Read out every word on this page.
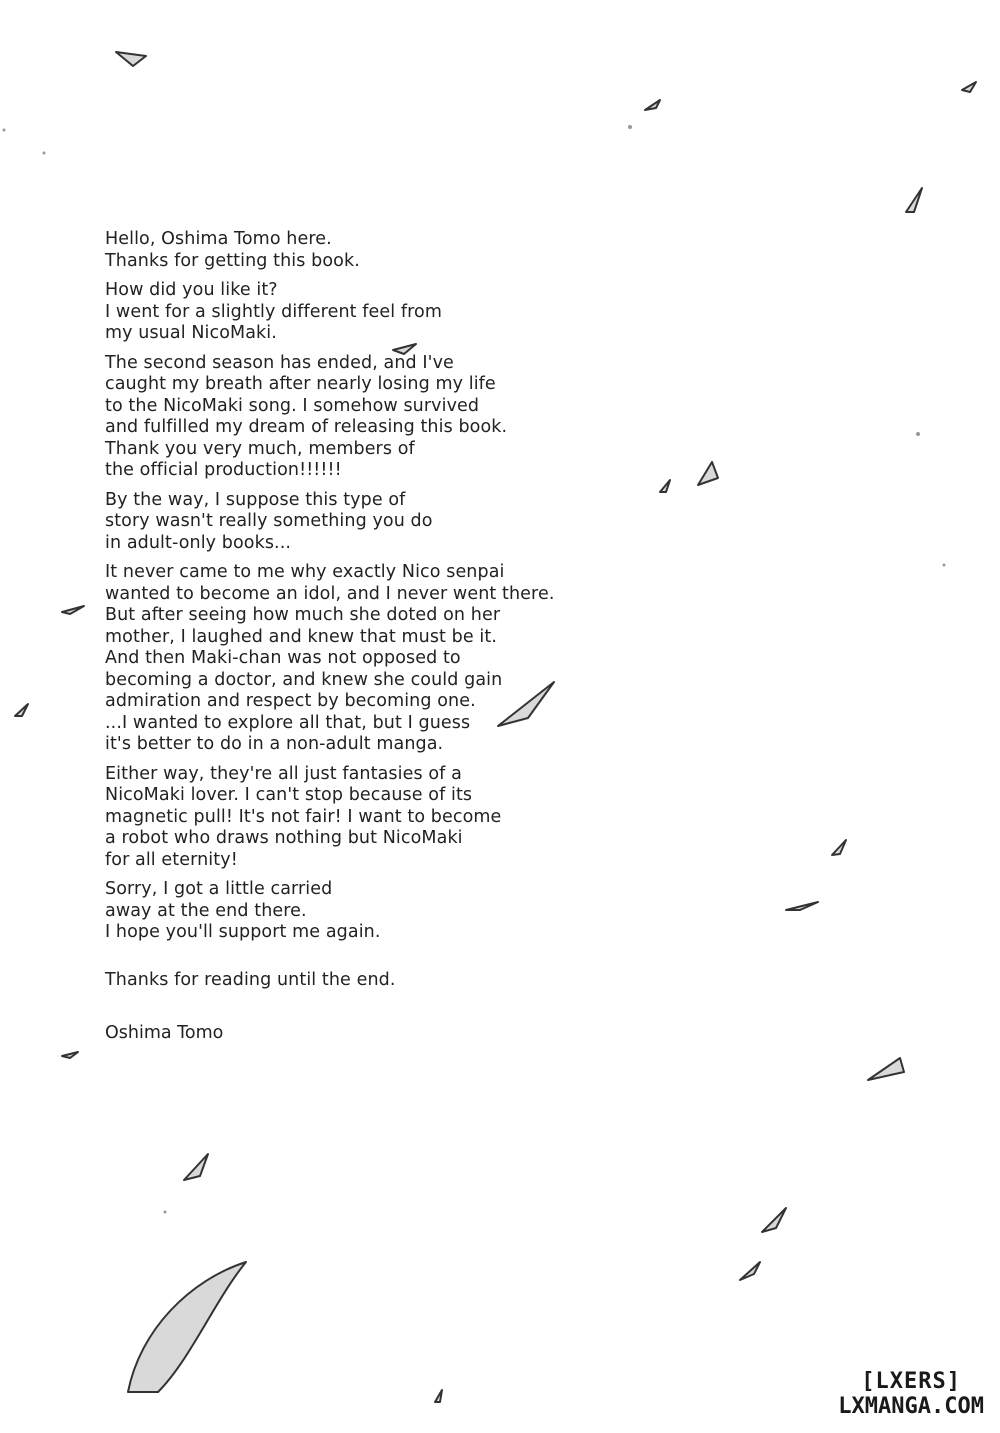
Hello, Oshima Tomo here.
Thanks for getting this book.
How did you like it?
I went for a slightly different feel from
my usual NicoMaki.
The second season has ended, and I've
caught my breath after nearly losing my life
to the NicoMaki song. I somehow survived
and fulfilled my dream of releasing this book.
Thank you very much, members of
the official production!!!!!!
By the way, I suppose this type of
story wasn't really something you do
in adult-only books...
It never came to me why exactly Nico senpai
wanted to become an idol, and I never went there.
But after seeing how much she doted on her
mother, I laughed and knew that must be it.
And then Maki-chan was not opposed to
becoming a doctor, and knew she could gain
admiration and respect by becoming one.
...I wanted to explore all that, but I guess
it's better to do in a non-adult manga.
Either way, they're all just fantasies of a
NicoMaki lover. I can't stop because of its
magnetic pull! It's not fair! I want to become
a robot who draws nothing but NicoMaki
for all eternity!
Sorry, I got a little carried
away at the end there.
I hope you'll support me again.
Thanks for reading until the end.
Oshima Tomo
[LXERS]
LXMANGA.COM
